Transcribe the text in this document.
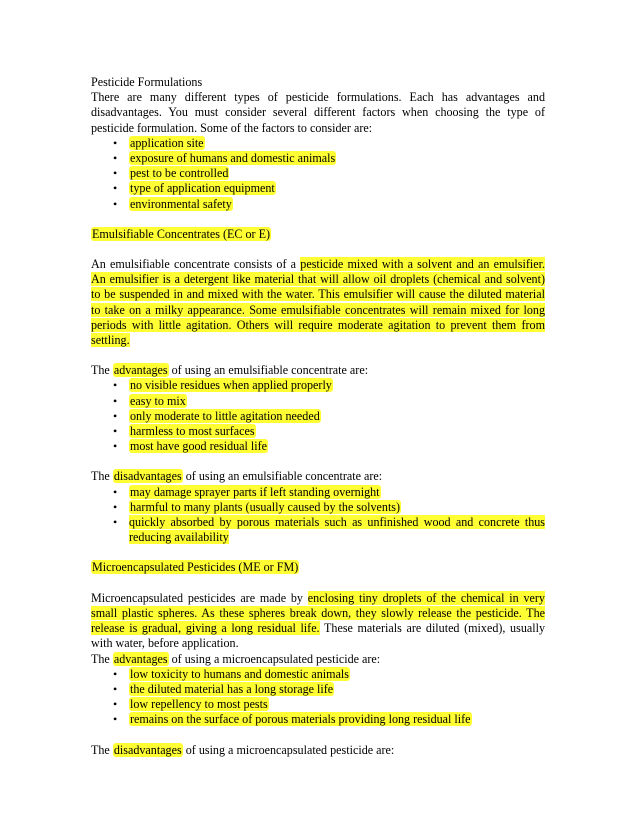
Pesticide Formulations

There are many different types of pesticide formulations. Each has advantages and disadvantages. You must consider several different factors when choosing the type of pesticide formulation. Some of the factors to consider are:

• application site
• exposure of humans and domestic animals
• pest to be controlled
• type of application equipment
• environmental safety

Emulsifiable Concentrates (EC or E)

An emulsifiable concentrate consists of a pesticide mixed with a solvent and an emulsifier. An emulsifier is a detergent like material that will allow oil droplets (chemical and solvent) to be suspended in and mixed with the water. This emulsifier will cause the diluted material to take on a milky appearance. Some emulsifiable concentrates will remain mixed for long periods with little agitation. Others will require moderate agitation to prevent them from settling.

The advantages of using an emulsifiable concentrate are:

• no visible residues when applied properly
• easy to mix
• only moderate to little agitation needed
• harmless to most surfaces
• most have good residual life

The disadvantages of using an emulsifiable concentrate are:

• may damage sprayer parts if left standing overnight
• harmful to many plants (usually caused by the solvents)
• quickly absorbed by porous materials such as unfinished wood and concrete thus reducing availability

Microencapsulated Pesticides (ME or FM)

Microencapsulated pesticides are made by enclosing tiny droplets of the chemical in very small plastic spheres. As these spheres break down, they slowly release the pesticide. The release is gradual, giving a long residual life. These materials are diluted (mixed), usually with water, before application.

The advantages of using a microencapsulated pesticide are:

• low toxicity to humans and domestic animals
• the diluted material has a long storage life
• low repellency to most pests
• remains on the surface of porous materials providing long residual life

The disadvantages of using a microencapsulated pesticide are:
